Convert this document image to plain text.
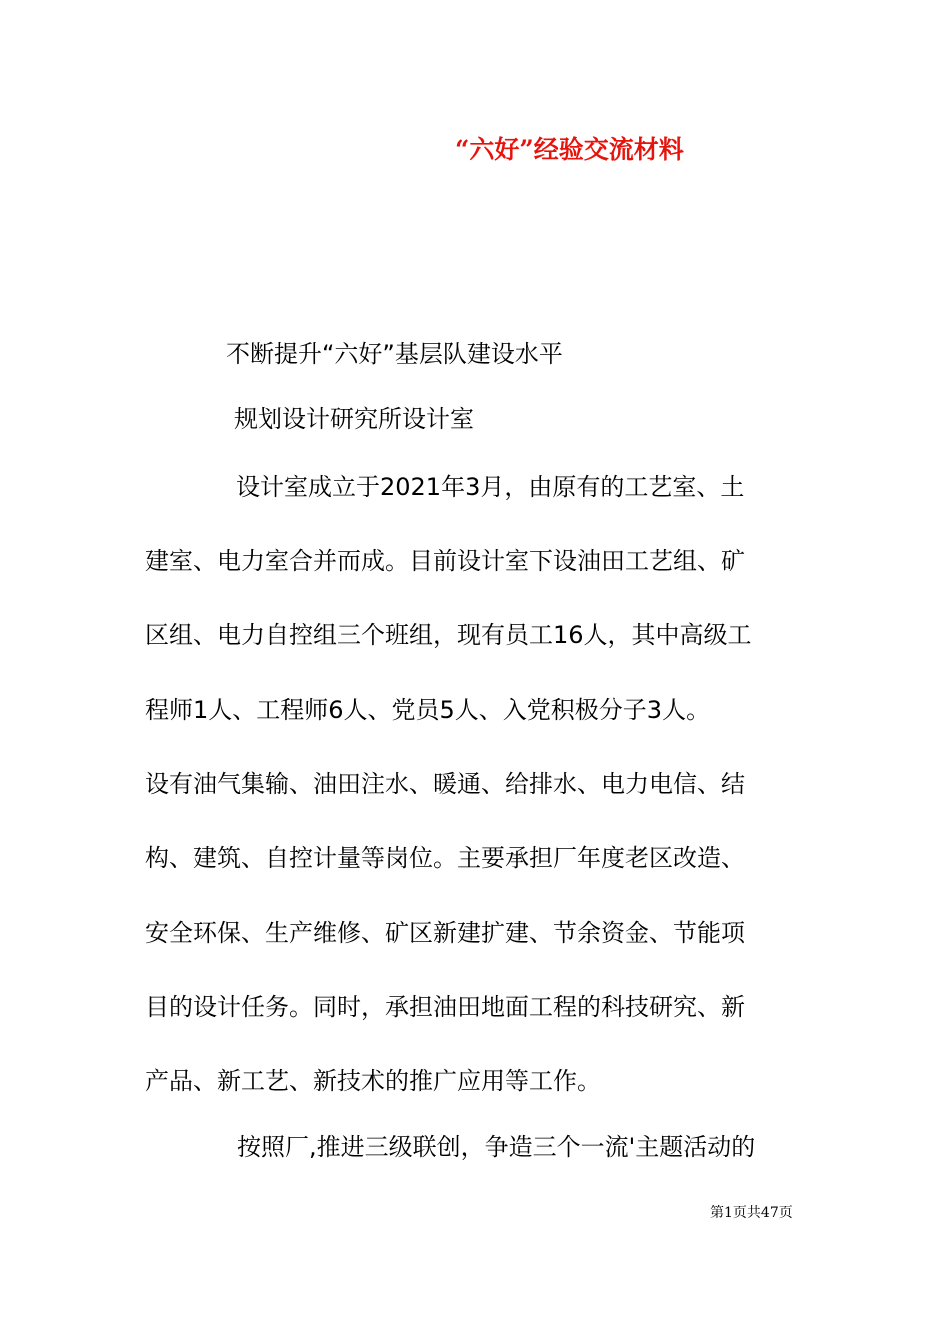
“六好”经验交流材料
不断提升“六好”基层队建设水平
规划设计研究所设计室
设计室成立于2021年3月，由原有的工艺室、土
建室、电力室合并而成。目前设计室下设油田工艺组、矿
区组、电力自控组三个班组，现有员工16人，其中高级工
程师1人、工程师6人、党员5人、入党积极分子3人。
设有油气集输、油田注水、暖通、给排水、电力电信、结
构、建筑、自控计量等岗位。主要承担厂年度老区改造、
安全环保、生产维修、矿区新建扩建、节余资金、节能项
目的设计任务。同时，承担油田地面工程的科技研究、新
产品、新工艺、新技术的推广应用等工作。
按照厂,推进三级联创，争造三个一流'主题活动的
第1页共47页
